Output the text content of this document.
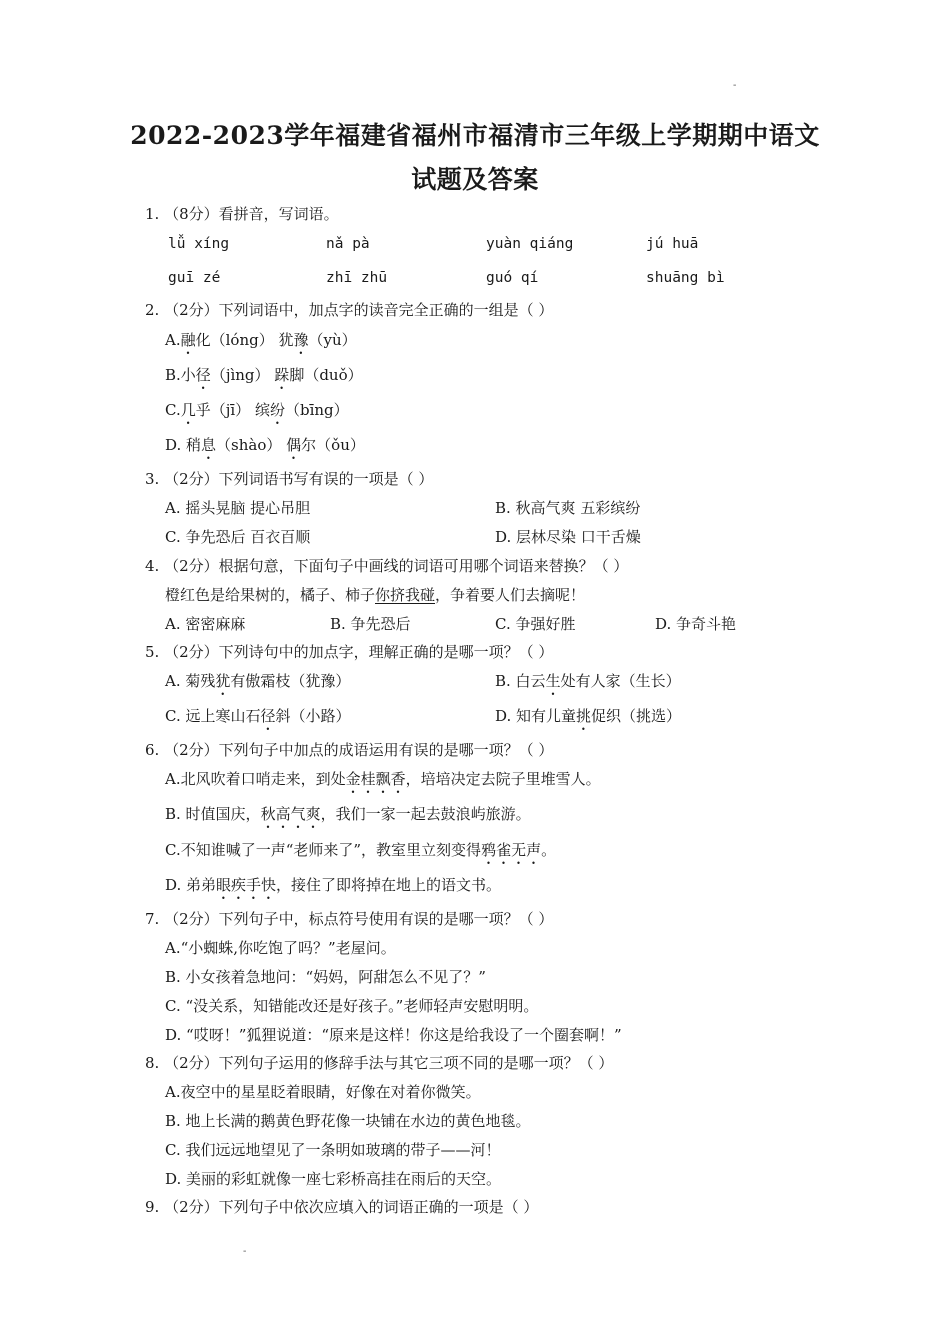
-
2022-2023学年福建省福州市福清市三年级上学期期中语文
试题及答案
1. （8分）看拼音，写词语。
lǚ xíng	nǎ pà	yuàn qiáng	jú huā
guī zé	zhī zhū	guó qí	shuāng bì
2. （2分）下列词语中，加点字的读音完全正确的一组是（ ）
A.融化（lóng） 犹豫（yù）
B.小径（jìng） 跺脚（duǒ）
C.几乎（jī） 缤纷（bīng）
D. 稍息（shào） 偶尔（ǒu）
3. （2分）下列词语书写有误的一项是（ ）
A. 摇头晃脑 提心吊胆	B. 秋高气爽 五彩缤纷
C. 争先恐后 百衣百顺	D. 层林尽染 口干舌燥
4. （2分）根据句意，下面句子中画线的词语可用哪个词语来替换？（ ）
橙红色是给果树的，橘子、柿子你挤我碰，争着要人们去摘呢！
A. 密密麻麻	B. 争先恐后	C. 争强好胜	D. 争奇斗艳
5. （2分）下列诗句中的加点字，理解正确的是哪一项？（ ）
A. 菊残犹有傲霜枝（犹豫）	B. 白云生处有人家（生长）
C. 远上寒山石径斜（小路）	D. 知有儿童挑促织（挑选）
6. （2分）下列句子中加点的成语运用有误的是哪一项？（ ）
A.北风吹着口哨走来，到处金桂飘香，培培决定去院子里堆雪人。
B. 时值国庆，秋高气爽，我们一家一起去鼓浪屿旅游。
C.不知谁喊了一声“老师来了”，教室里立刻变得鸦雀无声。
D. 弟弟眼疾手快，接住了即将掉在地上的语文书。
7. （2分）下列句子中，标点符号使用有误的是哪一项？（ ）
A.“小蜘蛛,你吃饱了吗？”老屋问。
B. 小女孩着急地问：“妈妈，阿甜怎么不见了？”
C. “没关系，知错能改还是好孩子。”老师轻声安慰明明。
D. “哎呀！”狐狸说道：“原来是这样！你这是给我设了一个圈套啊！”
8. （2分）下列句子运用的修辞手法与其它三项不同的是哪一项？（ ）
A.夜空中的星星眨着眼睛，好像在对着你微笑。
B. 地上长满的鹅黄色野花像一块铺在水边的黄色地毯。
C. 我们远远地望见了一条明如玻璃的带子——河！
D. 美丽的彩虹就像一座七彩桥高挂在雨后的天空。
9. （2分）下列句子中依次应填入的词语正确的一项是（ ）
-
